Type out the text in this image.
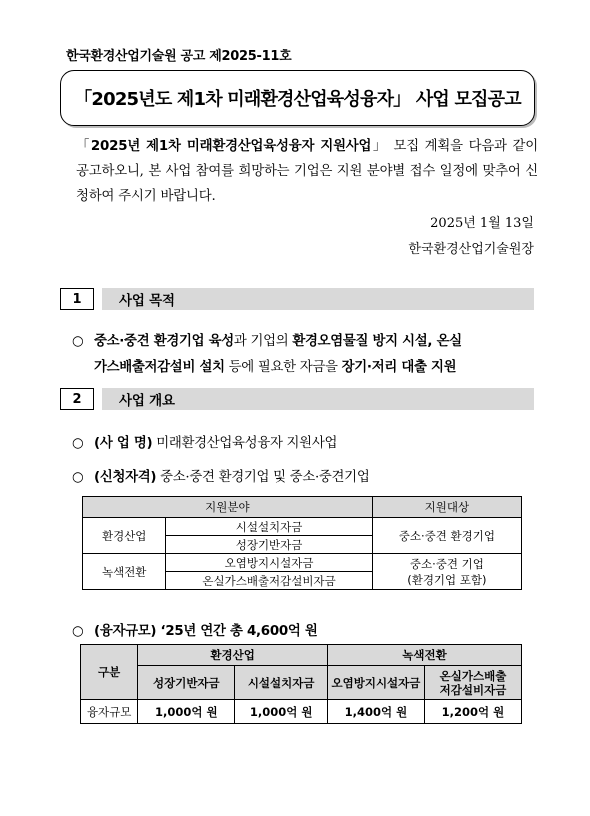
한국환경산업기술원 공고 제2025-11호
「2025년도 제1차 미래환경산업육성융자」 사업 모집공고
「2025년 제1차 미래환경산업육성융자 지원사업」 모집 계획을 다음과 같이 공고하오니, 본 사업 참여를 희망하는 기업은 지원 분야별 접수 일정에 맞추어 신청하여 주시기 바랍니다.
2025년 1월 13일
한국환경산업기술원장
1	사업 목적
○ 중소·중견 환경기업 육성과 기업의 환경오염물질 방지 시설, 온실
가스배출저감설비 설치 등에 필요한 자금을 장기·저리 대출 지원
2	사업 개요
○ (사 업 명) 미래환경산업육성융자 지원사업
○ (신청자격) 중소·중견 환경기업 및 중소·중견기업
지원분야		지원대상
환경산업	시설설치자금	중소·중견 환경기업
	성장기반자금	
녹색전환	오염방지시설자금	중소·중견 기업
(환경기업 포함)
	온실가스배출저감설비자금	
○ (융자규모) ‘25년 연간 총 4,600억 원
구분	환경산업		녹색전환	
	성장기반자금	시설설치자금	오염방지시설자금	온실가스배출
저감설비자금
융자규모	1,000억 원	1,000억 원	1,400억 원	1,200억 원
